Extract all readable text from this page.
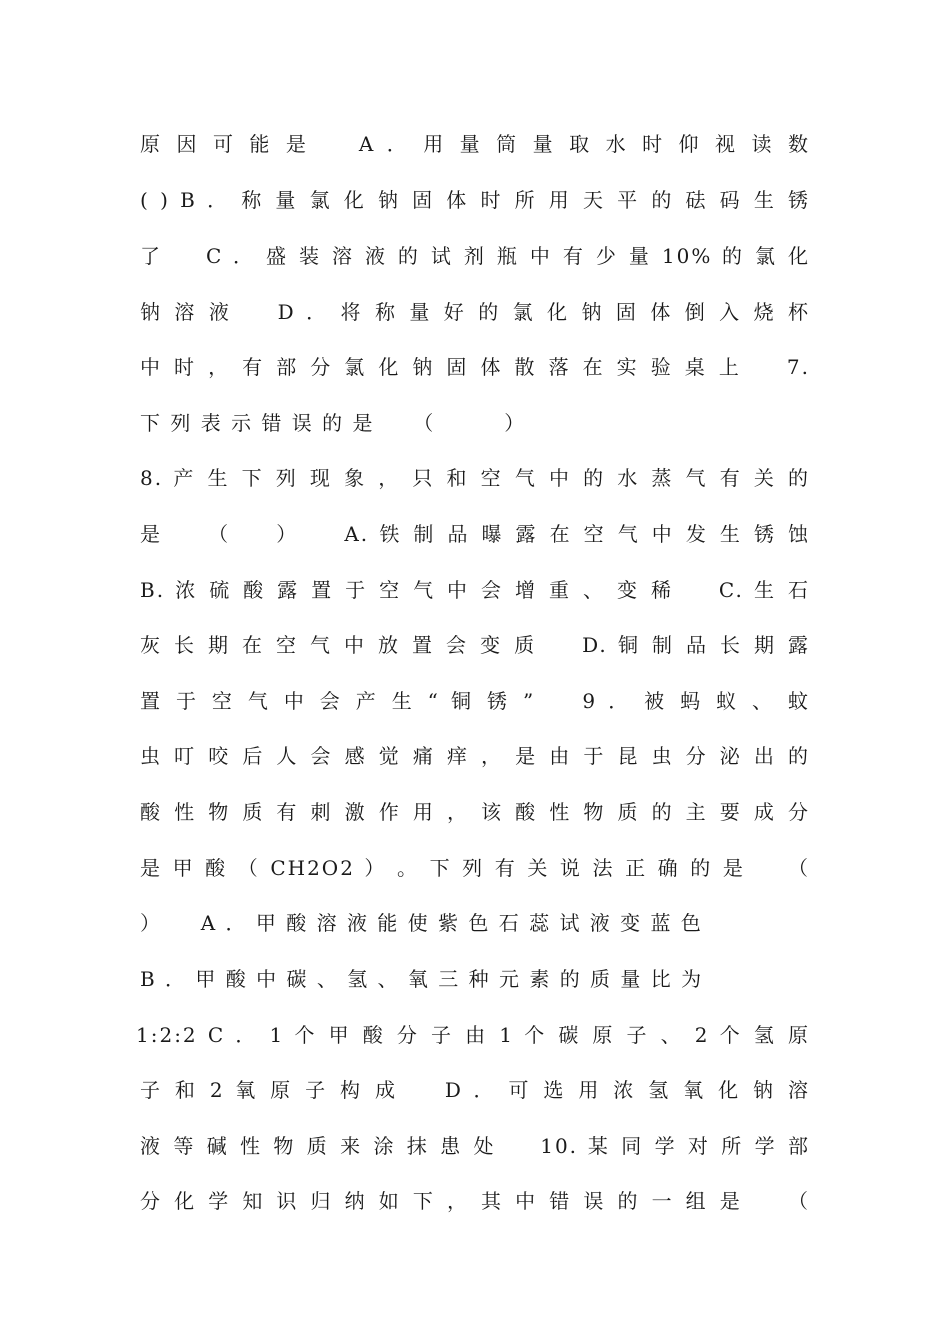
原 因 可 能 是 　 A ． 用 量 筒 量 取 水 时 仰 视 读 数
( ) B ． 称 量 氯 化 钠 固 体 时 所 用 天 平 的 砝 码 生 锈
了 　 C ． 盛 装 溶 液 的 试 剂 瓶 中 有 少 量 10% 的 氯 化
钠 溶 液 　 D ． 将 称 量 好 的 氯 化 钠 固 体 倒 入 烧 杯
中 时 ， 有 部 分 氯 化 钠 固 体 散 落 在 实 验 桌 上 　 7.
下 列 表 示 错 误 的 是 　 （ 　 　 ）
8. 产 生 下 列 现 象 ， 只 和 空 气 中 的 水 蒸 气 有 关 的
是 　 （ 　 ） 　 A. 铁 制 品 曝 露 在 空 气 中 发 生 锈 蚀
B. 浓 硫 酸 露 置 于 空 气 中 会 增 重 、 变 稀 　 C. 生 石
灰 长 期 在 空 气 中 放 置 会 变 质 　 D. 铜 制 品 长 期 露
置 于 空 气 中 会 产 生 “ 铜 锈 ” 　 9 ． 被 蚂 蚁 、 蚊
虫 叮 咬 后 人 会 感 觉 痛 痒 ， 是 由 于 昆 虫 分 泌 出 的
酸 性 物 质 有 刺 激 作 用 ， 该 酸 性 物 质 的 主 要 成 分
是 甲 酸 （ CH2O2 ） 。 下 列 有 关 说 法 正 确 的 是 　 （
） 　 A ． 甲 酸 溶 液 能 使 紫 色 石 蕊 试 液 变 蓝 色
B ． 甲 酸 中 碳 、 氢 、 氧 三 种 元 素 的 质 量 比 为
1:2:2 C ． 1 个 甲 酸 分 子 由 1 个 碳 原 子 、 2 个 氢 原
子 和 2 氧 原 子 构 成 　 D ． 可 选 用 浓 氢 氧 化 钠 溶
液 等 碱 性 物 质 来 涂 抹 患 处 　 10. 某 同 学 对 所 学 部
分 化 学 知 识 归 纳 如 下 ， 其 中 错 误 的 一 组 是 　 （
